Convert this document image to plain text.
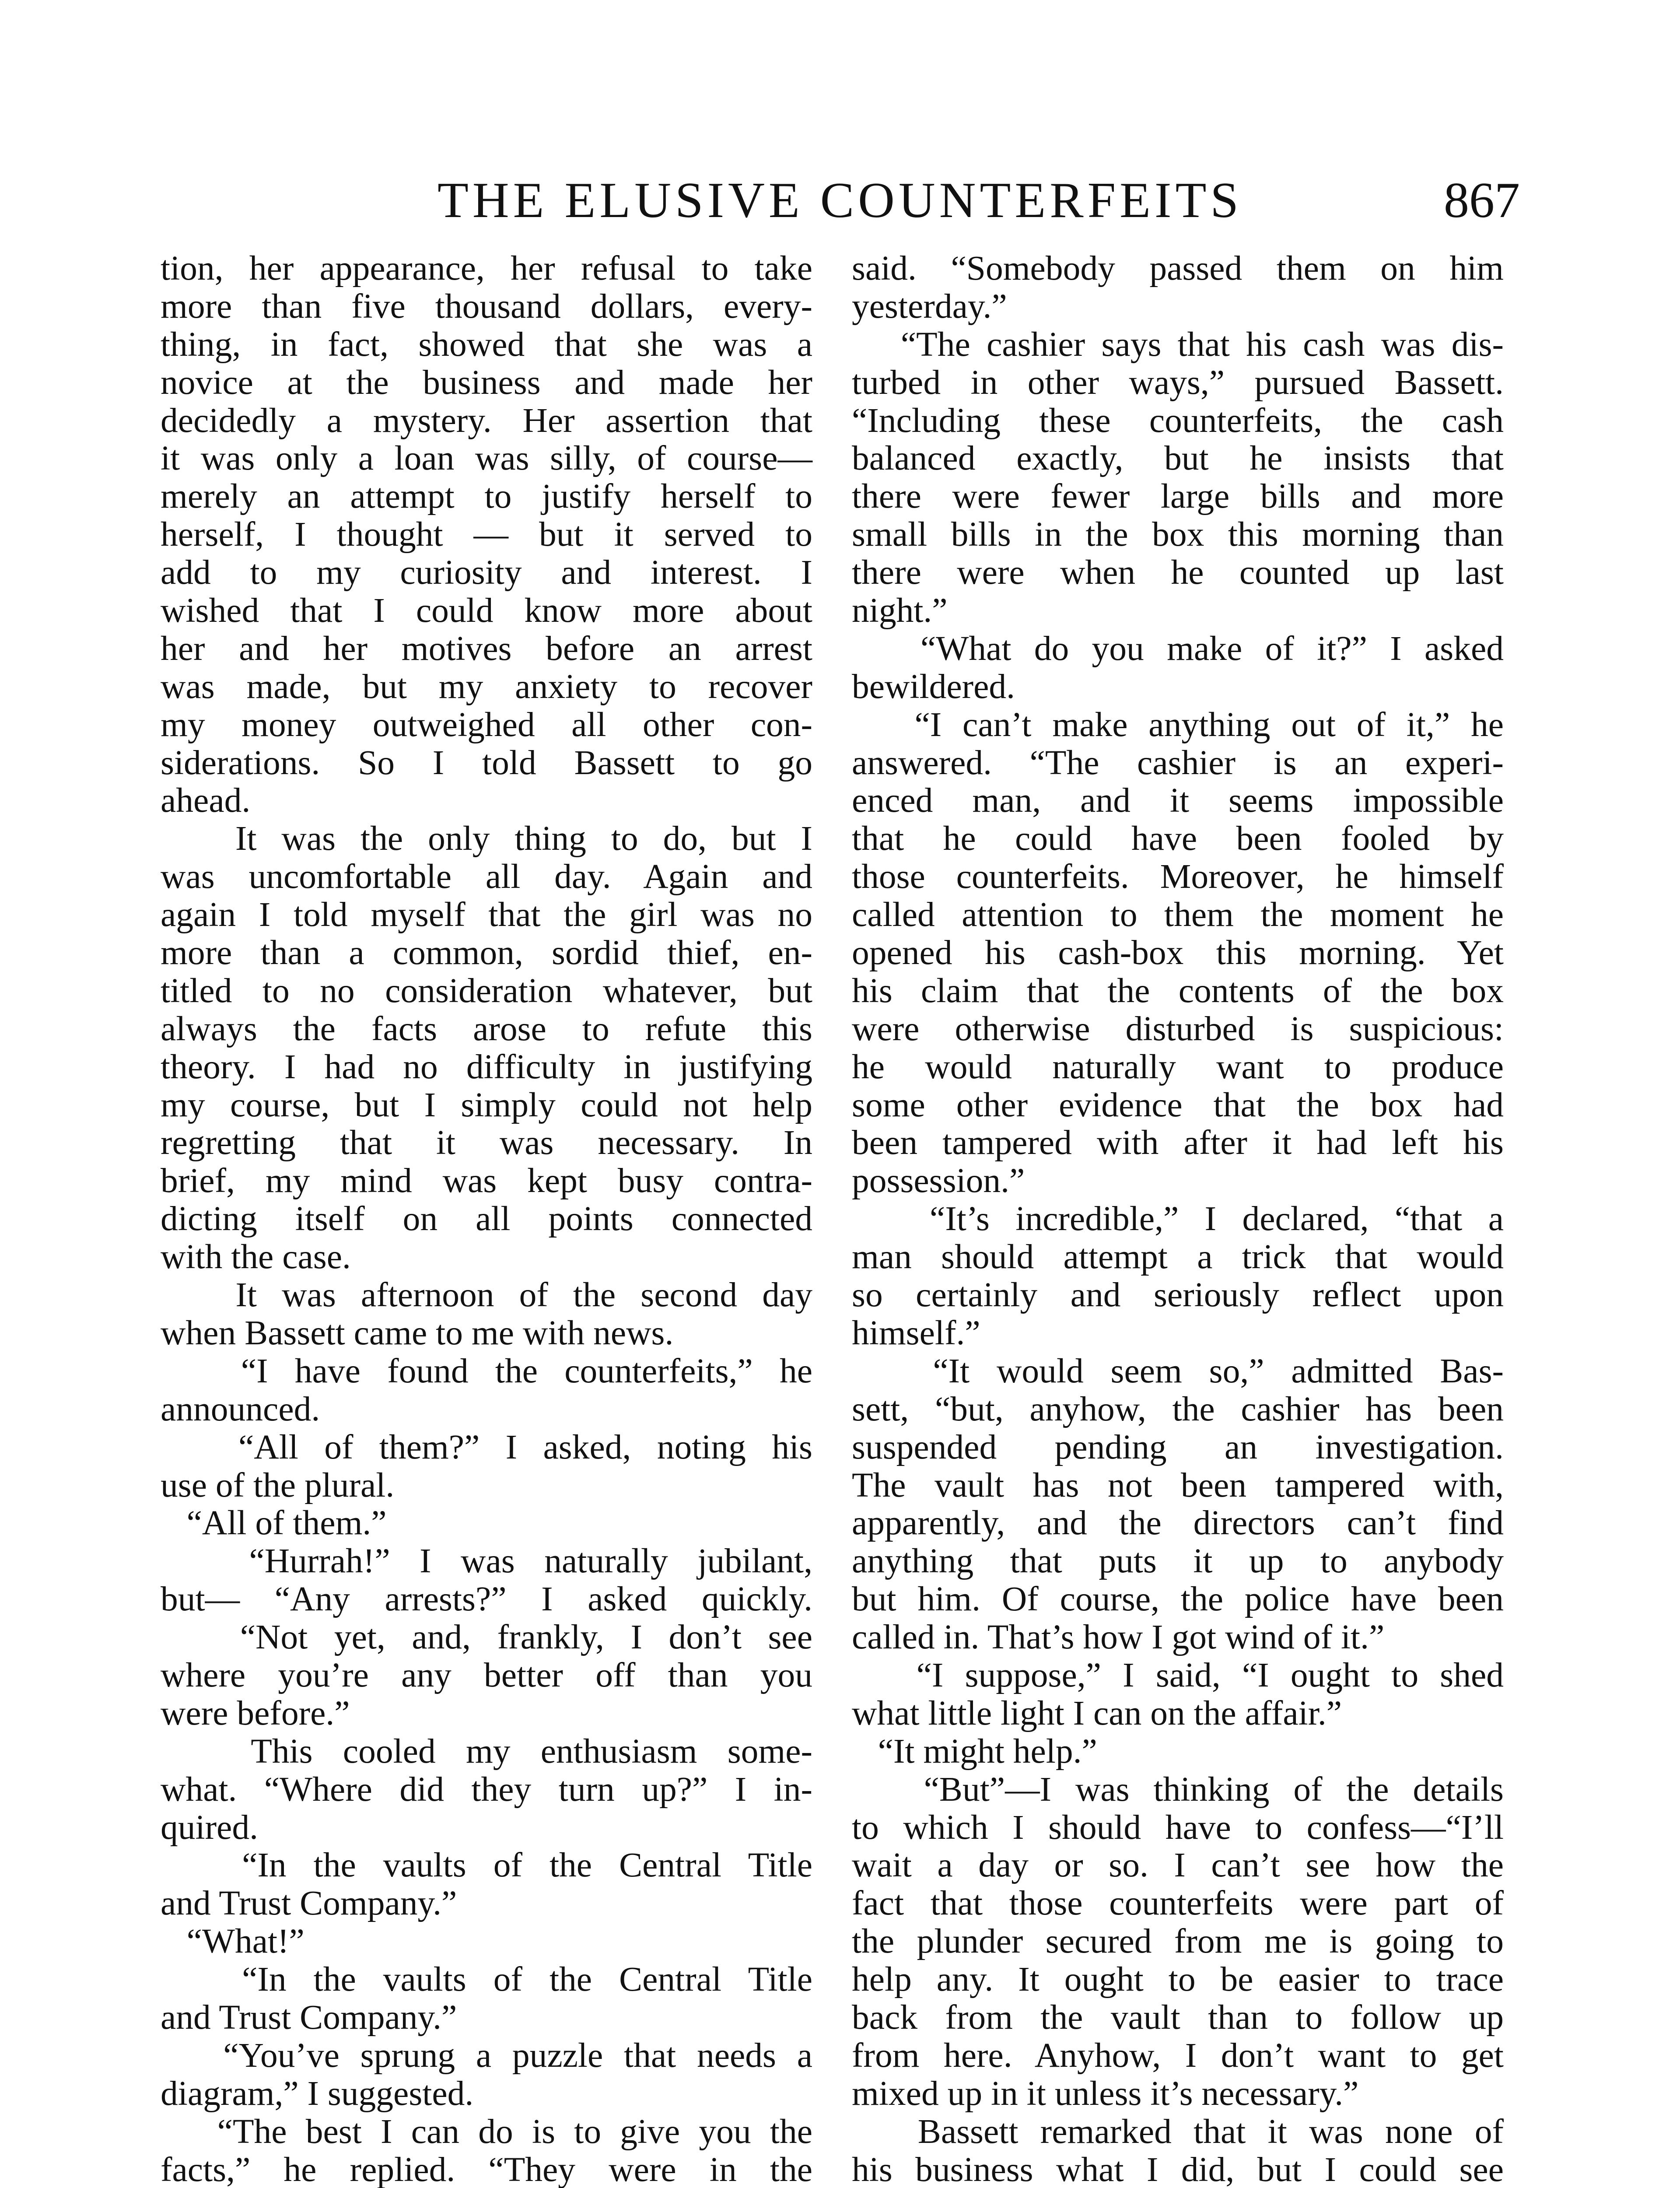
THE ELUSIVE COUNTERFEITS	867
tion, her appearance, her refusal to take
more than five thousand dollars, every-
thing, in fact, showed that she was a
novice at the business and made her
decidedly a mystery. Her assertion that
it was only a loan was silly, of course—
merely an attempt to justify herself to
herself, I thought — but it served to
add to my curiosity and interest. I
wished that I could know more about
her and her motives before an arrest
was made, but my anxiety to recover
my money outweighed all other con-
siderations. So I told Bassett to go
ahead.
It was the only thing to do, but I
was uncomfortable all day. Again and
again I told myself that the girl was no
more than a common, sordid thief, en-
titled to no consideration whatever, but
always the facts arose to refute this
theory. I had no difficulty in justifying
my course, but I simply could not help
regretting that it was necessary. In
brief, my mind was kept busy contra-
dicting itself on all points connected
with the case.
It was afternoon of the second day
when Bassett came to me with news.
“I have found the counterfeits,” he
announced.
“All of them?” I asked, noting his
use of the plural.
“All of them.”
“Hurrah!” I was naturally jubilant,
but— “Any arrests?” I asked quickly.
“Not yet, and, frankly, I don’t see
where you’re any better off than you
were before.”
This cooled my enthusiasm some-
what. “Where did they turn up?” I in-
quired.
“In the vaults of the Central Title
and Trust Company.”
“What!”
“In the vaults of the Central Title
and Trust Company.”
“You’ve sprung a puzzle that needs a
diagram,” I suggested.
“The best I can do is to give you the
facts,” he replied. “They were in the
said. “Somebody passed them on him
yesterday.”
“The cashier says that his cash was dis-
turbed in other ways,” pursued Bassett.
“Including these counterfeits, the cash
balanced exactly, but he insists that
there were fewer large bills and more
small bills in the box this morning than
there were when he counted up last
night.”
“What do you make of it?” I asked
bewildered.
“I can’t make anything out of it,” he
answered. “The cashier is an experi-
enced man, and it seems impossible
that he could have been fooled by
those counterfeits. Moreover, he himself
called attention to them the moment he
opened his cash-box this morning. Yet
his claim that the contents of the box
were otherwise disturbed is suspicious:
he would naturally want to produce
some other evidence that the box had
been tampered with after it had left his
possession.”
“It’s incredible,” I declared, “that a
man should attempt a trick that would
so certainly and seriously reflect upon
himself.”
“It would seem so,” admitted Bas-
sett, “but, anyhow, the cashier has been
suspended pending an investigation.
The vault has not been tampered with,
apparently, and the directors can’t find
anything that puts it up to anybody
but him. Of course, the police have been
called in. That’s how I got wind of it.”
“I suppose,” I said, “I ought to shed
what little light I can on the affair.”
“It might help.”
“But”—I was thinking of the details
to which I should have to confess—“I’ll
wait a day or so. I can’t see how the
fact that those counterfeits were part of
the plunder secured from me is going to
help any. It ought to be easier to trace
back from the vault than to follow up
from here. Anyhow, I don’t want to get
mixed up in it unless it’s necessary.”
Bassett remarked that it was none of
his business what I did, but I could see
